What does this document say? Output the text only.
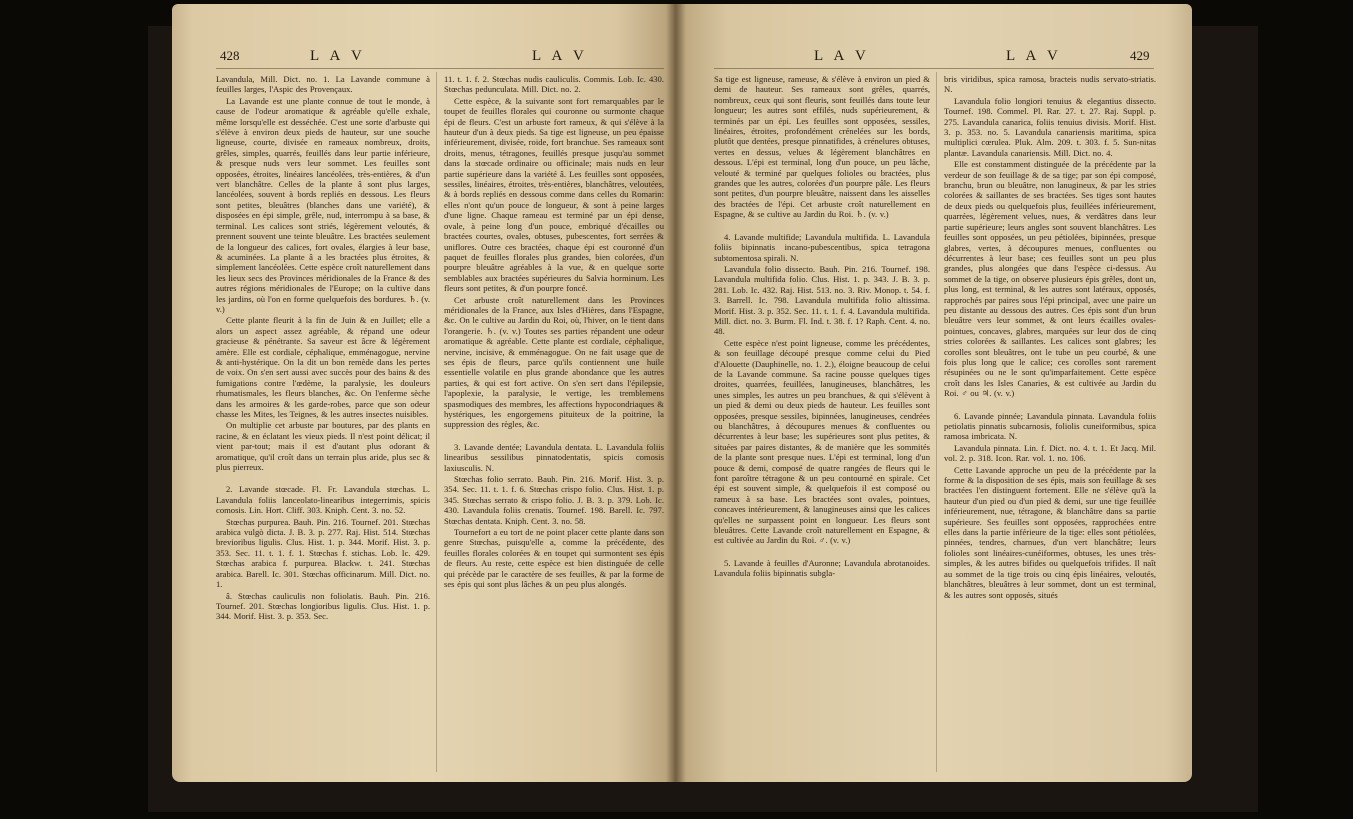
428	L A V	L A V

Lavandula, Mill. Dict. no. 1. La Lavande commune à feuilles larges, l'Aspic des Provençaux.

La Lavande est une plante connue de tout le monde, à cause de l'odeur aromatique & agréable qu'elle exhale, même lorsqu'elle est desséchée. C'est une sorte d'arbuste qui s'élève à environ deux pieds de hauteur, sur une souche ligneuse, courte, divisée en rameaux nombreux, droits, grêles, simples, quarrés, feuillés dans leur partie inférieure, & presque nuds vers leur sommet. Les feuilles sont opposées, étroites, linéaires lancéolées, très-entières, & d'un vert blanchâtre. Celles de la plante â sont plus larges, lancéolées, souvent à bords repliés en dessous. Les fleurs sont petites, bleuâtres (blanches dans une variété), & disposées en épi simple, grêle, nud, interrompu à sa base, & terminal. Les calices sont striés, légèrement veloutés, & prennent souvent une teinte bleuâtre. Les bractées seulement de la longueur des calices, fort ovales, élargies à leur base, & acuminées. La plante â a les bractées plus étroites, & simplement lancéolées. Cette espèce croît naturellement dans les lieux secs des Provinces méridionales de la France & des autres régions méridionales de l'Europe; on la cultive dans les jardins, où l'on en forme quelquefois des bordures. ♄. (v. v.)

Cette plante fleurit à la fin de Juin & en Juillet; elle a alors un aspect assez agréable, & répand une odeur gracieuse & pénétrante. Sa saveur est âcre & légèrement amère. Elle est cordiale, céphalique, emménagogue, nervine & anti-hystérique. On la dit un bon remède dans les pertes de voix. On s'en sert aussi avec succès pour des bains & des fumigations contre l'œdème, la paralysie, les douleurs rhumatismales, les fleurs blanches, &c. On l'enferme sèche dans les armoires & les garde-robes, parce que son odeur chasse les Mites, les Teignes, & les autres insectes nuisibles.

On multiplie cet arbuste par boutures, par des plants en racine, & en éclatant les vieux pieds. Il n'est point délicat; il vient par-tout; mais il est d'autant plus odorant & aromatique, qu'il croît dans un terrain plus aride, plus sec & plus pierreux.

2. Lavande stœcade. Fl. Fr. Lavandula stœchas. L. Lavandula foliis lanceolato-linearibus integerrimis, spicis comosis. Lin. Hort. Cliff. 303. Kniph. Cent. 3. no. 52.

Stœchas purpurea. Bauh. Pin. 216. Tournef. 201. Stœchas arabica vulgò dicta. J. B. 3. p. 277. Raj. Hist. 514. Stœchas brevioribus ligulis. Clus. Hist. 1. p. 344. Morif. Hist. 3. p. 353. Sec. 11. t. 1. f. 1. Stœchas f. stichas. Lob. Ic. 429. Stœchas arabica f. purpurea. Blackw. t. 241. Stœchas arabica. Barell. Ic. 301. Stœchas officinarum. Mill. Dict. no. 1.

â. Stœchas cauliculis non foliolatis. Bauh. Pin. 216. Tournef. 201. Stœchas longioribus ligulis. Clus. Hist. 1. p. 344. Morif. Hist. 3. p. 353. Sec.

11. t. 1. f. 2. Stœchas nudis cauliculis. Commis. Lob. Ic. 430. Stœchas pedunculata. Mill. Dict. no. 2.

Cette espèce, & la suivante sont fort remarquables par le toupet de feuilles florales qui couronne ou surmonte chaque épi de fleurs. C'est un arbuste fort rameux, & qui s'élève à la hauteur d'un à deux pieds. Sa tige est ligneuse, un peu épaisse inférieurement, divisée, roide, fort branchue. Ses rameaux sont droits, menus, tétragones, feuillés presque jusqu'au sommet dans la stœcade ordinaire ou officinale; mais nuds en leur partie supérieure dans la variété â. Les feuilles sont opposées, sessiles, linéaires, étroites, très-entières, blanchâtres, veloutées, & à bords repliés en dessous comme dans celles du Romarin: elles n'ont qu'un pouce de longueur, & sont à peine larges d'une ligne. Chaque rameau est terminé par un épi dense, ovale, à peine long d'un pouce, embriqué d'écailles ou bractées courtes, ovales, obtuses, pubescentes, fort serrées & uniflores. Outre ces bractées, chaque épi est couronné d'un paquet de feuilles florales plus grandes, bien colorées, d'un pourpre bleuâtre agréables à la vue, & en quelque sorte semblables aux bractées supérieures du Salvia horminum. Les fleurs sont petites, & d'un pourpre foncé.

Cet arbuste croît naturellement dans les Provinces méridionales de la France, aux Isles d'Hières, dans l'Espagne, &c. On le cultive au Jardin du Roi, où, l'hiver, on le tient dans l'orangerie. ♄. (v. v.) Toutes ses parties répandent une odeur aromatique & agréable. Cette plante est cordiale, céphalique, nervine, incisive, & emménagogue. On ne fait usage que de ses épis de fleurs, parce qu'ils contiennent une huile essentielle volatile en plus grande abondance que les autres parties, & qui est fort active. On s'en sert dans l'épilepsie, l'apoplexie, la paralysie, le vertige, les tremblemens spasmodiques des membres, les affections hypocondriaques & hystériques, les engorgemens pituiteux de la poitrine, la suppression des règles, &c.

3. Lavande dentée; Lavandula dentata. L. Lavandula foliis linearibus sessilibus pinnatodentatis, spicis comosis laxiusculis. N.

Stœchas folio serrato. Bauh. Pin. 216. Morif. Hist. 3. p. 354. Sec. 11. t. 1. f. 6. Stœchas crispo folio. Clus. Hist. 1. p. 345. Stœchas serrato & crispo folio. J. B. 3. p. 379. Lob. Ic. 430. Lavandula foliis crenatis. Tournef. 198. Barell. Ic. 797. Stœchas dentata. Kniph. Cent. 3. no. 58.

Tournefort a eu tort de ne point placer cette plante dans son genre Stœchas, puisqu'elle a, comme la précédente, des feuilles florales colorées & en toupet qui surmontent ses épis de fleurs. Au reste, cette espèce est bien distinguée de celle qui précède par le caractère de ses feuilles, & par la forme de ses épis qui sont plus lâches & un peu plus alongés.

L A V	L A V	429

Sa tige est ligneuse, rameuse, & s'élève à environ un pied & demi de hauteur. Ses rameaux sont grêles, quarrés, nombreux, ceux qui sont fleuris, sont feuillés dans toute leur longueur; les autres sont effilés, nuds supérieurement, & terminés par un épi. Les feuilles sont opposées, sessiles, linéaires, étroites, profondément crénelées sur les bords, plutôt que dentées, presque pinnatifides, à crénelures obtuses, vertes en dessus, velues & légèrement blanchâtres en dessous. L'épi est terminal, long d'un pouce, un peu lâche, velouté & terminé par quelques folioles ou bractées, plus grandes que les autres, colorées d'un pourpre pâle. Les fleurs sont petites, d'un pourpre bleuâtre, naissent dans les aisselles des bractées de l'épi. Cet arbuste croît naturellement en Espagne, & se cultive au Jardin du Roi. ♄. (v. v.)

4. Lavande multifide; Lavandula multifida. L. Lavandula foliis bipinnatis incano-pubescentibus, spica tetragona subtomentosa spirali. N.

Lavandula folio dissecto. Bauh. Pin. 216. Tournef. 198. Lavandula multifida folio. Clus. Hist. 1. p. 343. J. B. 3. p. 281. Lob. Ic. 432. Raj. Hist. 513. no. 3. Riv. Monop. t. 54. f. 3. Barrell. Ic. 798. Lavandula multifida folio altissima. Morif. Hist. 3. p. 352. Sec. 11. t. 1. f. 4. Lavandula multifida. Mill. dict. no. 3. Burm. Fl. Ind. t. 38. f. 1? Raph. Cent. 4. no. 48.

Cette espèce n'est point ligneuse, comme les précédentes, & son feuillage découpé presque comme celui du Pied d'Alouette (Dauphinelle, no. 1. 2.), éloigne beaucoup de celui de la Lavande commune. Sa racine pousse quelques tiges droites, quarrées, feuillées, lanugineuses, blanchâtres, les unes simples, les autres un peu branchues, & qui s'élèvent à un pied & demi ou deux pieds de hauteur. Les feuilles sont opposées, presque sessiles, bipinnées, lanugineuses, cendrées ou blanchâtres, à découpures menues & confluentes ou décurrentes à leur base; les supérieures sont plus petites, & situées par paires distantes, & de manière que les sommités de la plante sont presque nues. L'épi est terminal, long d'un pouce & demi, composé de quatre rangées de fleurs qui le font paroître tétragone & un peu contourné en spirale. Cet épi est souvent simple, & quelquefois il est composé ou rameux à sa base. Les bractées sont ovales, pointues, concaves intérieurement, & lanugineuses ainsi que les calices qu'elles ne surpassent point en longueur. Les fleurs sont bleuâtres. Cette Lavande croît naturellement en Espagne, & est cultivée au Jardin du Roi. ♂. (v. v.)

5. Lavande à feuilles d'Auronne; Lavandula abrotanoides. Lavandula foliis bipinnatis subgla-

bris viridibus, spica ramosa, bracteis nudis servato-striatis. N.

Lavandula folio longiori tenuius & elegantius dissecto. Tournef. 198. Commel. Pl. Rar. 27. t. 27. Raj. Suppl. p. 275. Lavandula canarica, foliis tenuius divisis. Morif. Hist. 3. p. 353. no. 5. Lavandula canariensis maritima, spica multiplici cœrulea. Pluk. Alm. 209. t. 303. f. 5. Sun-nitas plantæ. Lavandula canariensis. Mill. Dict. no. 4.

Elle est constamment distinguée de la précédente par la verdeur de son feuillage & de sa tige; par son épi composé, branchu, brun ou bleuâtre, non lanugineux, & par les stries colorées & saillantes de ses bractées. Ses tiges sont hautes de deux pieds ou quelquefois plus, feuillées inférieurement, quarrées, légèrement velues, nues, & verdâtres dans leur partie supérieure; leurs angles sont souvent blanchâtres. Les feuilles sont opposées, un peu pétiolées, bipinnées, presque glabres, vertes, à découpures menues, confluentes ou décurrentes à leur base; ces feuilles sont un peu plus grandes, plus alongées que dans l'espèce ci-dessus. Au sommet de la tige, on observe plusieurs épis grêles, dont un, plus long, est terminal, & les autres sont latéraux, opposés, rapprochés par paires sous l'épi principal, avec une paire un peu distante au dessous des autres. Ces épis sont d'un brun bleuâtre vers leur sommet, & ont leurs écailles ovales-pointues, concaves, glabres, marquées sur leur dos de cinq stries colorées & saillantes. Les calices sont glabres; les corolles sont bleuâtres, ont le tube un peu courbé, & une fois plus long que le calice; ces corolles sont rarement résupinées ou ne le sont qu'imparfaitement. Cette espèce croît dans les Isles Canaries, & est cultivée au Jardin du Roi. ♂ ou ♃. (v. v.)

6. Lavande pinnée; Lavandula pinnata. Lavandula foliis petiolatis pinnatis subcarnosis, foliolis cuneiformibus, spica ramosa imbricata. N.

Lavandula pinnata. Lin. f. Dict. no. 4. t. 1. Et Jacq. Mil. vol. 2. p. 318. Icon. Rar. vol. 1. no. 106.

Cette Lavande approche un peu de la précédente par la forme & la disposition de ses épis, mais son feuillage & ses bractées l'en distinguent fortement. Elle ne s'élève qu'à la hauteur d'un pied ou d'un pied & demi, sur une tige feuillée inférieurement, nue, tétragone, & blanchâtre dans sa partie supérieure. Ses feuilles sont opposées, rapprochées entre elles dans la partie inférieure de la tige: elles sont pétiolées, pinnées, tendres, charnues, d'un vert blanchâtre; leurs folioles sont linéaires-cunéiformes, obtuses, les unes très-simples, & les autres bifides ou quelquefois trifides. Il naît au sommet de la tige trois ou cinq épis linéaires, veloutés, blanchâtres, bleuâtres à leur sommet, dont un est terminal, & les autres sont opposés, situés
